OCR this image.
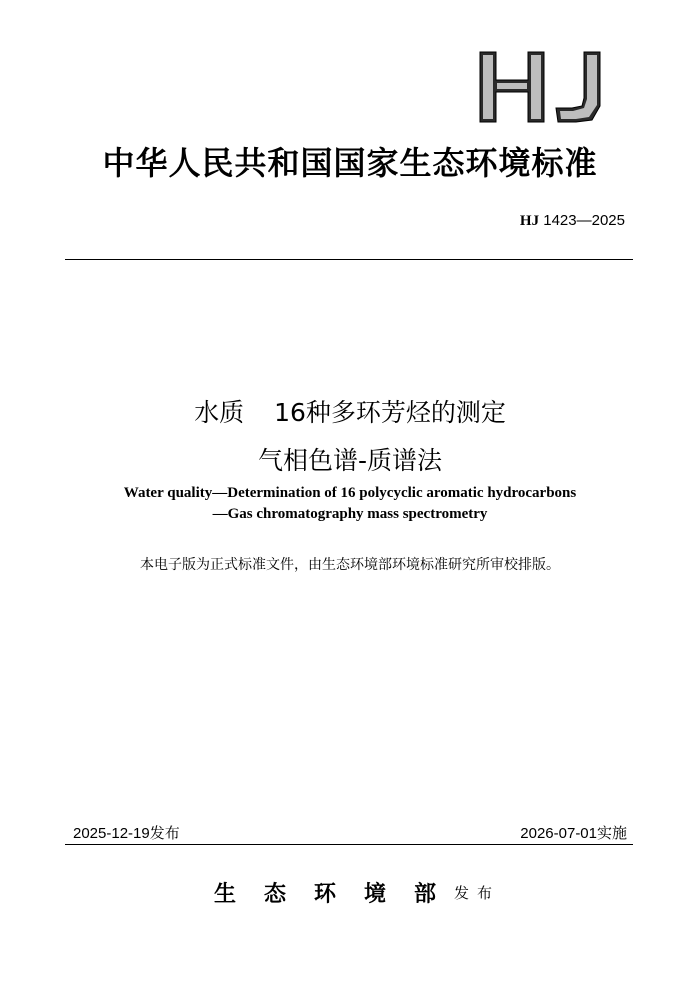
中华人民共和国国家生态环境标准
HJ 1423—2025
水质 16种多环芳烃的测定
气相色谱-质谱法
Water quality—Determination of 16 polycyclic aromatic hydrocarbons
—Gas chromatography mass spectrometry
本电子版为正式标准文件，由生态环境部环境标准研究所审校排版。
2025-12-19发布	2026-07-01实施
生 态 环 境 部 发布
